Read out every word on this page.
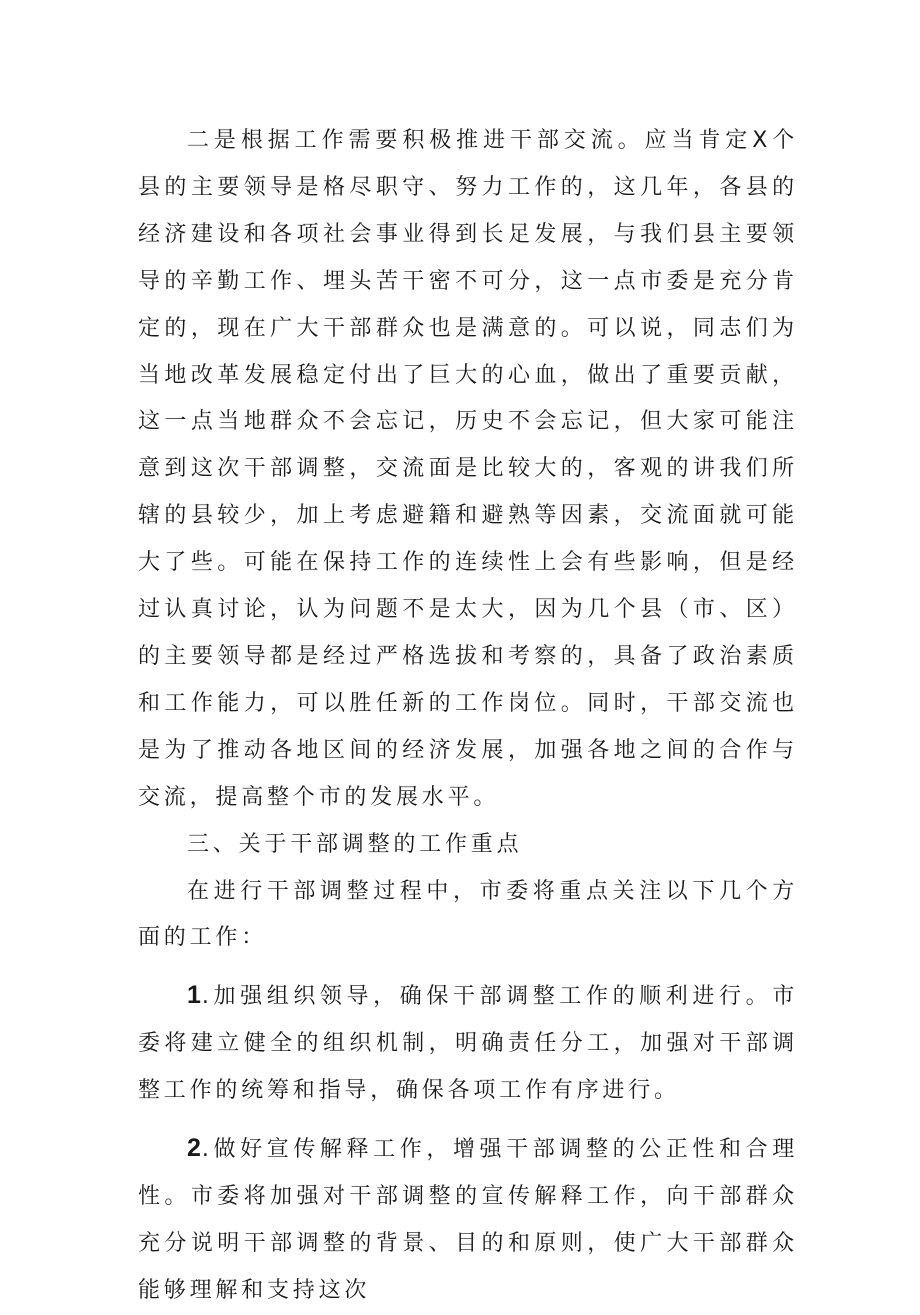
二是根据工作需要积极推进干部交流。应当肯定X个县的主要领导是格尽职守、努力工作的，这几年，各县的经济建设和各项社会事业得到长足发展，与我们县主要领导的辛勤工作、埋头苦干密不可分，这一点市委是充分肯定的，现在广大干部群众也是满意的。可以说，同志们为当地改革发展稳定付出了巨大的心血，做出了重要贡献，这一点当地群众不会忘记，历史不会忘记，但大家可能注意到这次干部调整，交流面是比较大的，客观的讲我们所辖的县较少，加上考虑避籍和避熟等因素，交流面就可能大了些。可能在保持工作的连续性上会有些影响，但是经过认真讨论，认为问题不是太大，因为几个县（市、区）的主要领导都是经过严格选拔和考察的，具备了政治素质和工作能力，可以胜任新的工作岗位。同时，干部交流也是为了推动各地区间的经济发展，加强各地之间的合作与交流，提高整个市的发展水平。

三、关于干部调整的工作重点

在进行干部调整过程中，市委将重点关注以下几个方面的工作：

1.加强组织领导，确保干部调整工作的顺利进行。市委将建立健全的组织机制，明确责任分工，加强对干部调整工作的统筹和指导，确保各项工作有序进行。

2.做好宣传解释工作，增强干部调整的公正性和合理性。市委将加强对干部调整的宣传解释工作，向干部群众充分说明干部调整的背景、目的和原则，使广大干部群众能够理解和支持这次
